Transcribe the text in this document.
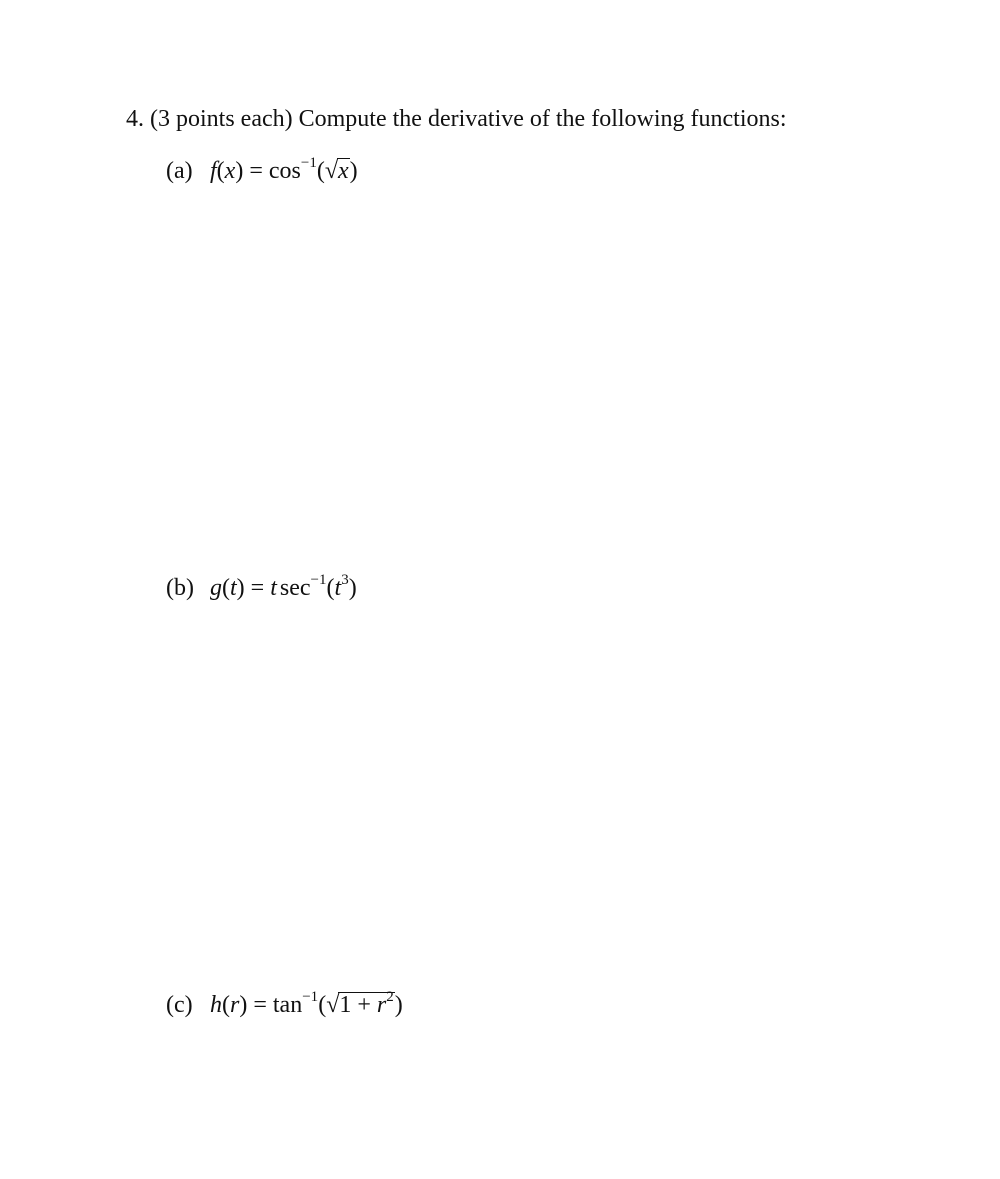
4. (3 points each) Compute the derivative of the following functions:
(a) $f(x) = \cos^{-1}(√x)$
(b) g(t) = t $\sec^{-1}(t^3)$
(c) $h(r) = \tan^{-1}(√1 + r^2)$
